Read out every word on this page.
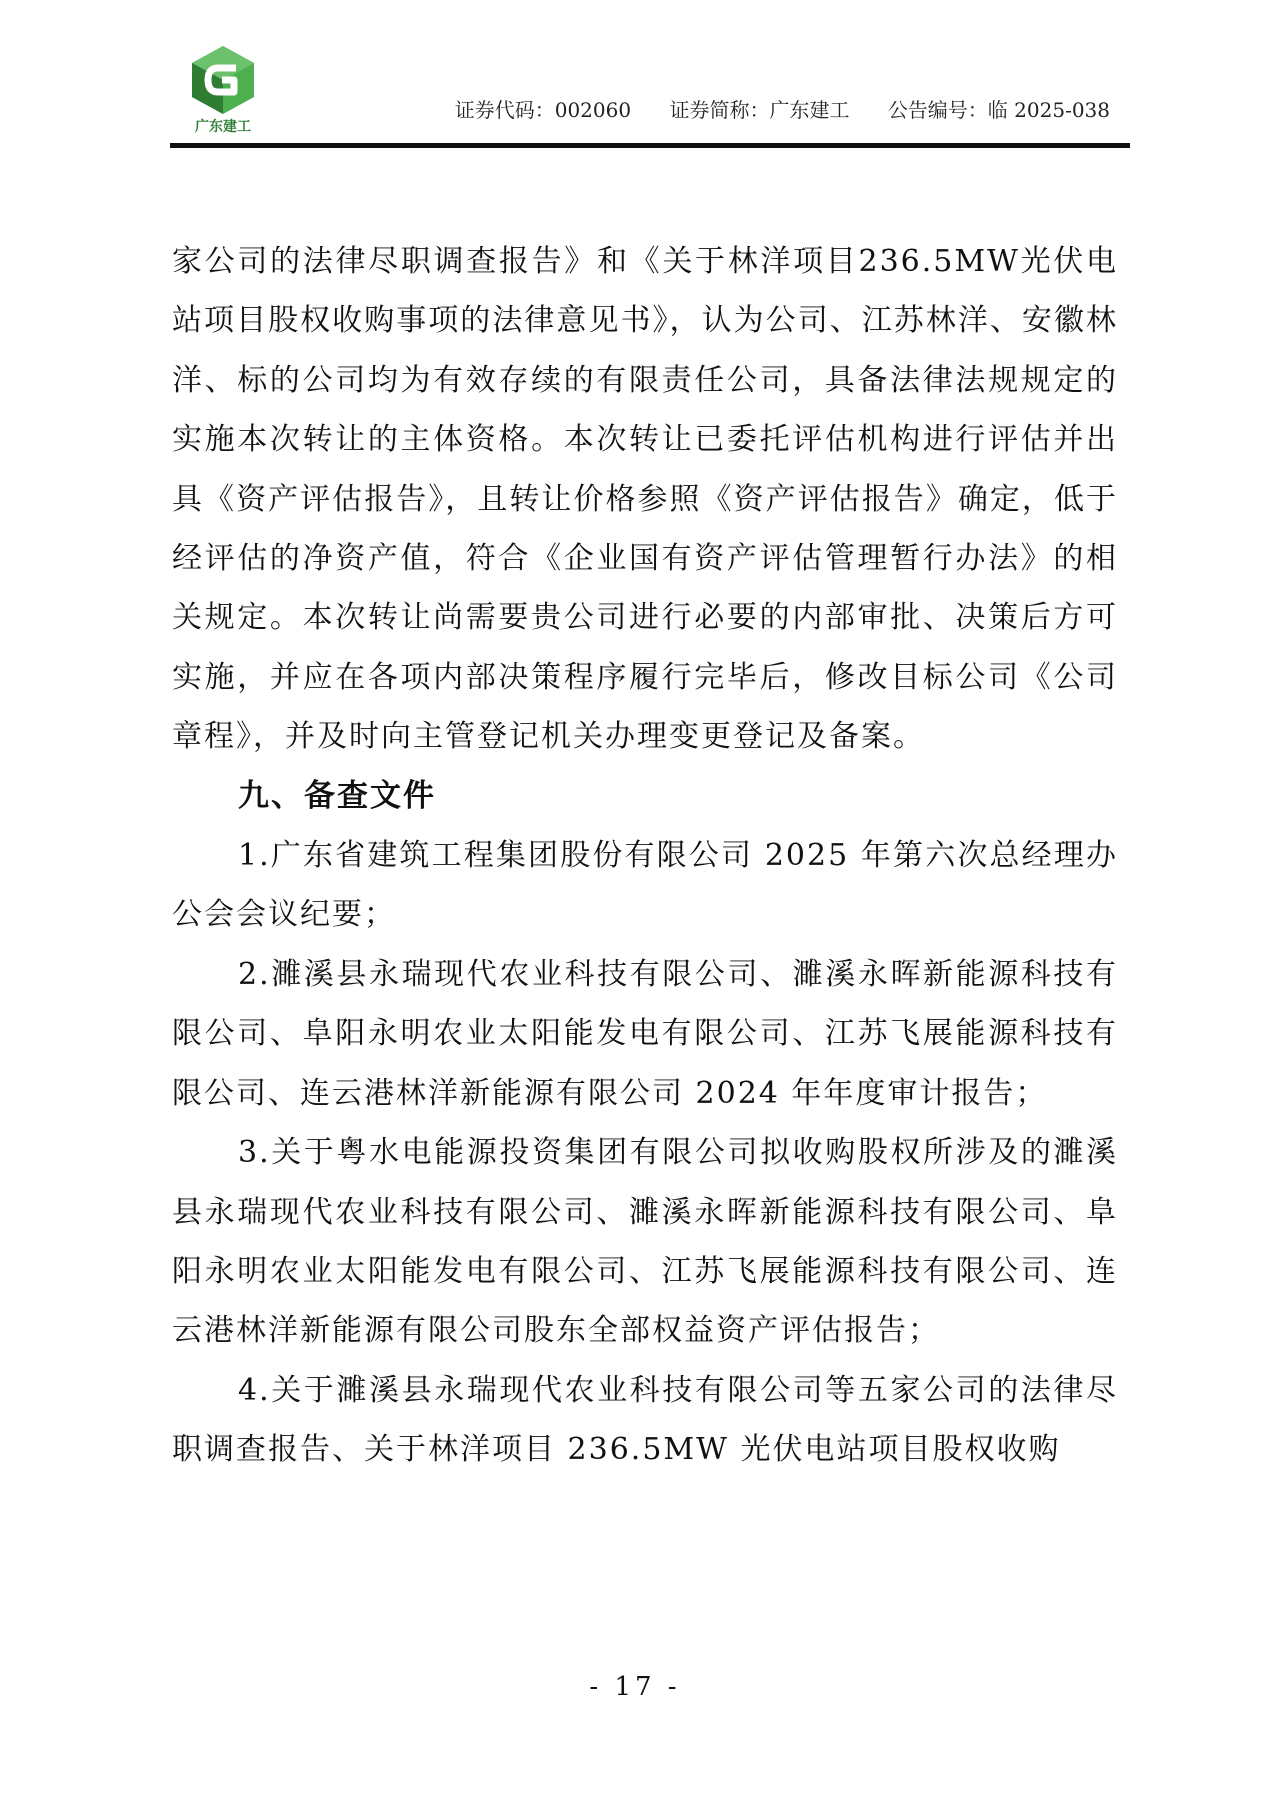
广东建工
证券代码：002060 证券简称：广东建工 公告编号：临 2025-038

家公司的法律尽职调查报告》和《关于林洋项目236.5MW光伏电站项目股权收购事项的法律意见书》，认为公司、江苏林洋、安徽林洋、标的公司均为有效存续的有限责任公司，具备法律法规规定的实施本次转让的主体资格。本次转让已委托评估机构进行评估并出具《资产评估报告》，且转让价格参照《资产评估报告》确定，低于经评估的净资产值，符合《企业国有资产评估管理暂行办法》的相关规定。本次转让尚需要贵公司进行必要的内部审批、决策后方可实施，并应在各项内部决策程序履行完毕后，修改目标公司《公司章程》，并及时向主管登记机关办理变更登记及备案。

九、备查文件

1.广东省建筑工程集团股份有限公司 2025 年第六次总经理办公会会议纪要；

2.濉溪县永瑞现代农业科技有限公司、濉溪永晖新能源科技有限公司、阜阳永明农业太阳能发电有限公司、江苏飞展能源科技有限公司、连云港林洋新能源有限公司 2024 年年度审计报告；

3.关于粤水电能源投资集团有限公司拟收购股权所涉及的濉溪县永瑞现代农业科技有限公司、濉溪永晖新能源科技有限公司、阜阳永明农业太阳能发电有限公司、江苏飞展能源科技有限公司、连云港林洋新能源有限公司股东全部权益资产评估报告；

4.关于濉溪县永瑞现代农业科技有限公司等五家公司的法律尽职调查报告、关于林洋项目 236.5MW 光伏电站项目股权收购

- 17 -
